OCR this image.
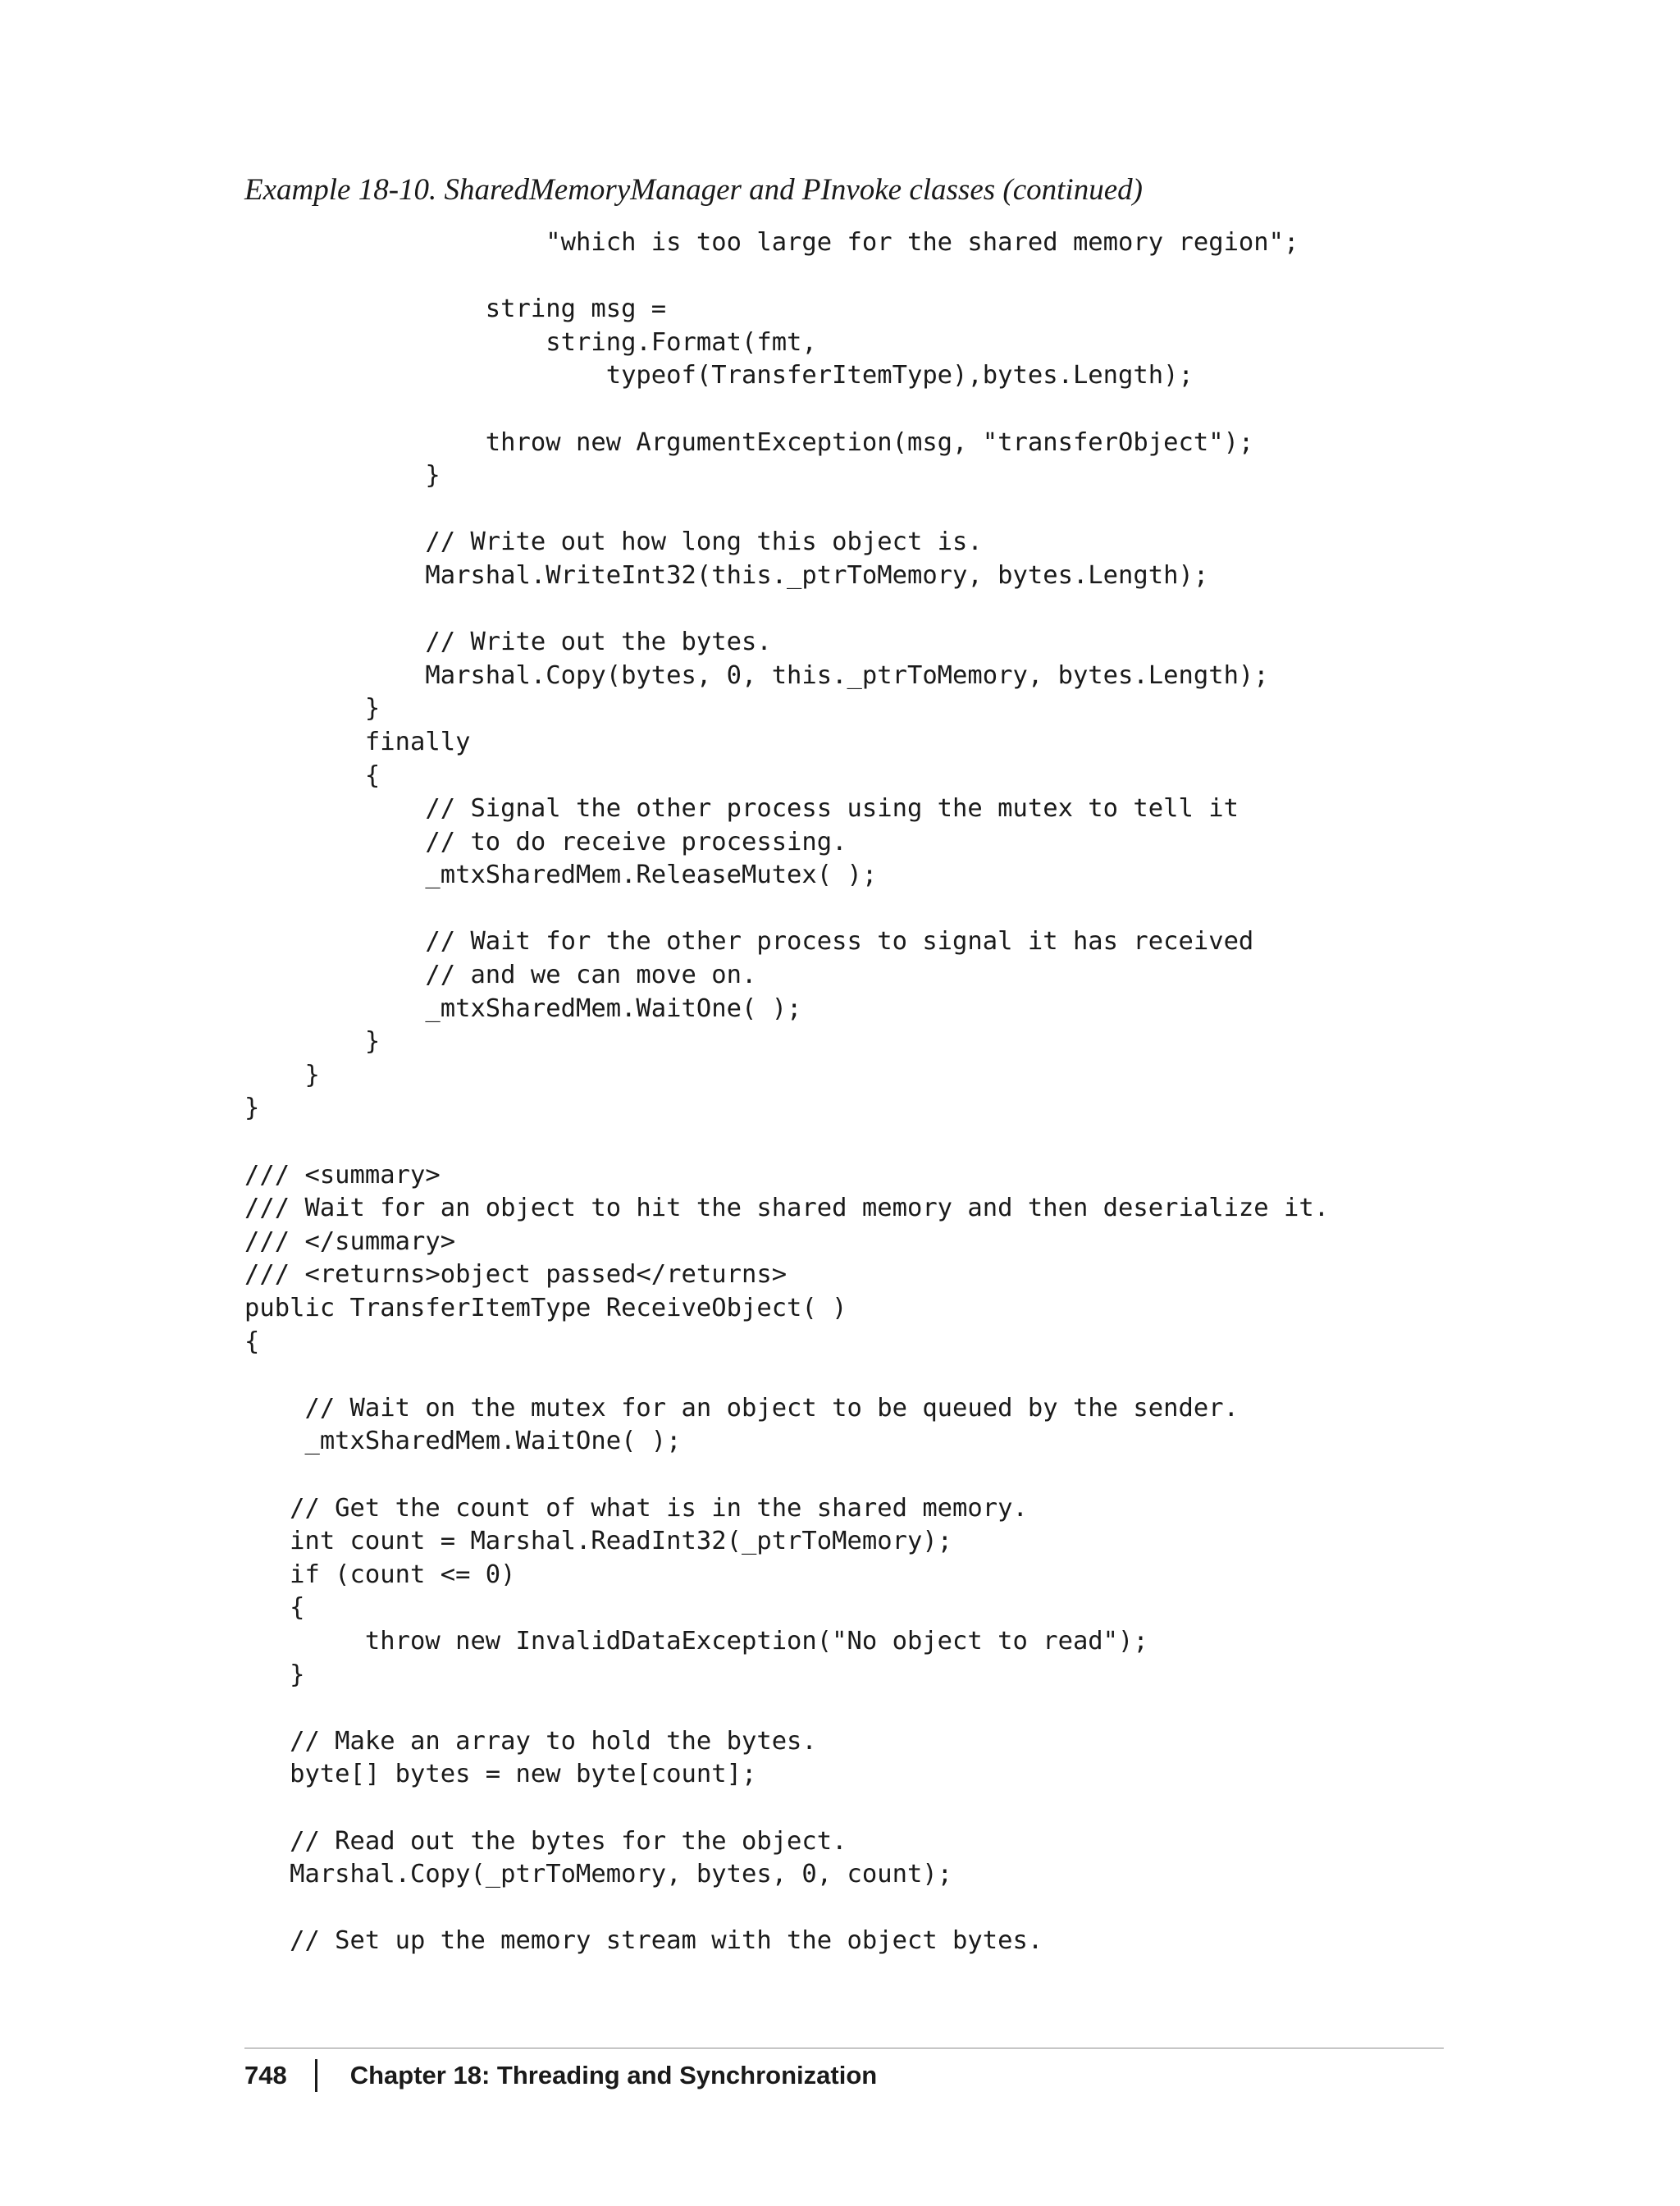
Example 18-10. SharedMemoryManager and PInvoke classes (continued)
"which is too large for the shared memory region";
string msg =
string.Format(fmt,
typeof(TransferItemType),bytes.Length);
throw new ArgumentException(msg, "transferObject");
}
// Write out how long this object is.
Marshal.WriteInt32(this._ptrToMemory, bytes.Length);
// Write out the bytes.
Marshal.Copy(bytes, 0, this._ptrToMemory, bytes.Length);
}
finally
{
// Signal the other process using the mutex to tell it
// to do receive processing.
_mtxSharedMem.ReleaseMutex( );
// Wait for the other process to signal it has received
// and we can move on.
_mtxSharedMem.WaitOne( );
}
}
}
/// <summary>
/// Wait for an object to hit the shared memory and then deserialize it.
/// </summary>
/// <returns>object passed</returns>
public TransferItemType ReceiveObject( )
{
// Wait on the mutex for an object to be queued by the sender.
_mtxSharedMem.WaitOne( );
// Get the count of what is in the shared memory.
int count = Marshal.ReadInt32(_ptrToMemory);
if (count <= 0)
{
throw new InvalidDataException("No object to read");
}
// Make an array to hold the bytes.
byte[] bytes = new byte[count];
// Read out the bytes for the object.
Marshal.Copy(_ptrToMemory, bytes, 0, count);
// Set up the memory stream with the object bytes.
748 Chapter 18: Threading and Synchronization
